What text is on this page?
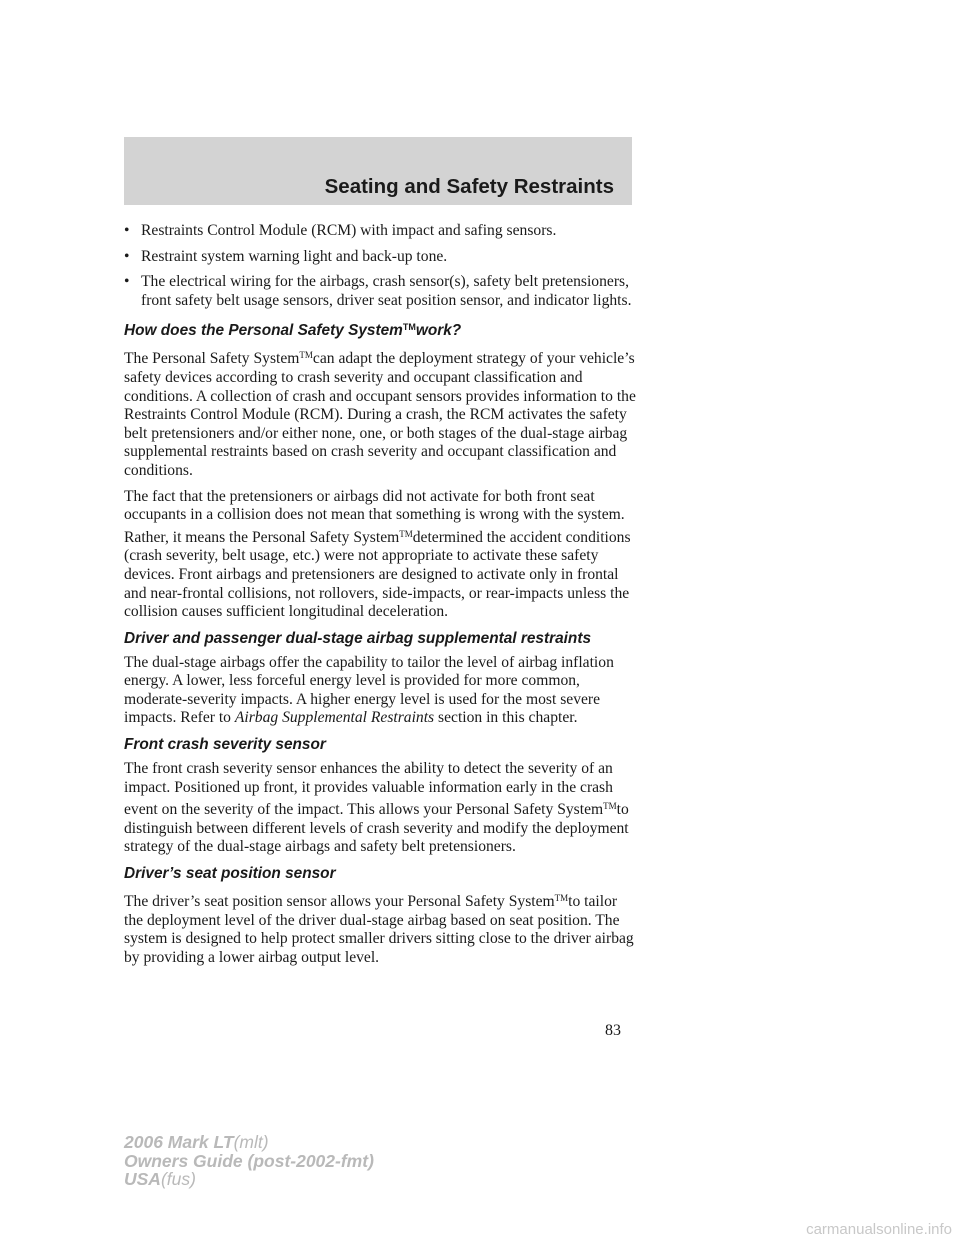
Seating and Safety Restraints
• Restraints Control Module (RCM) with impact and safing sensors.
• Restraint system warning light and back-up tone.
• The electrical wiring for the airbags, crash sensor(s), safety belt pretensioners, front safety belt usage sensors, driver seat position sensor, and indicator lights.
How does the Personal Safety System™work?

The Personal Safety System™can adapt the deployment strategy of your vehicle’s safety devices according to crash severity and occupant classification and conditions. A collection of crash and occupant sensors provides information to the Restraints Control Module (RCM). During a crash, the RCM activates the safety belt pretensioners and/or either none, one, or both stages of the dual-stage airbag supplemental restraints based on crash severity and occupant classification and conditions.

The fact that the pretensioners or airbags did not activate for both front seat occupants in a collision does not mean that something is wrong with the system. Rather, it means the Personal Safety System™determined the accident conditions (crash severity, belt usage, etc.) were not appropriate to activate these safety devices. Front airbags and pretensioners are designed to activate only in frontal and near-frontal collisions, not rollovers, side-impacts, or rear-impacts unless the collision causes sufficient longitudinal deceleration.

Driver and passenger dual-stage airbag supplemental restraints

The dual-stage airbags offer the capability to tailor the level of airbag inflation energy. A lower, less forceful energy level is provided for more common, moderate-severity impacts. A higher energy level is used for the most severe impacts. Refer to Airbag Supplemental Restraints section in this chapter.

Front crash severity sensor

The front crash severity sensor enhances the ability to detect the severity of an impact. Positioned up front, it provides valuable information early in the crash event on the severity of the impact. This allows your Personal Safety System™to distinguish between different levels of crash severity and modify the deployment strategy of the dual-stage airbags and safety belt pretensioners.

Driver’s seat position sensor

The driver’s seat position sensor allows your Personal Safety System™to tailor the deployment level of the driver dual-stage airbag based on seat position. The system is designed to help protect smaller drivers sitting close to the driver airbag by providing a lower airbag output level.

83
2006 Mark LT(mlt)
Owners Guide (post-2002-fmt)
USA(fus)
carmanualsonline.info
